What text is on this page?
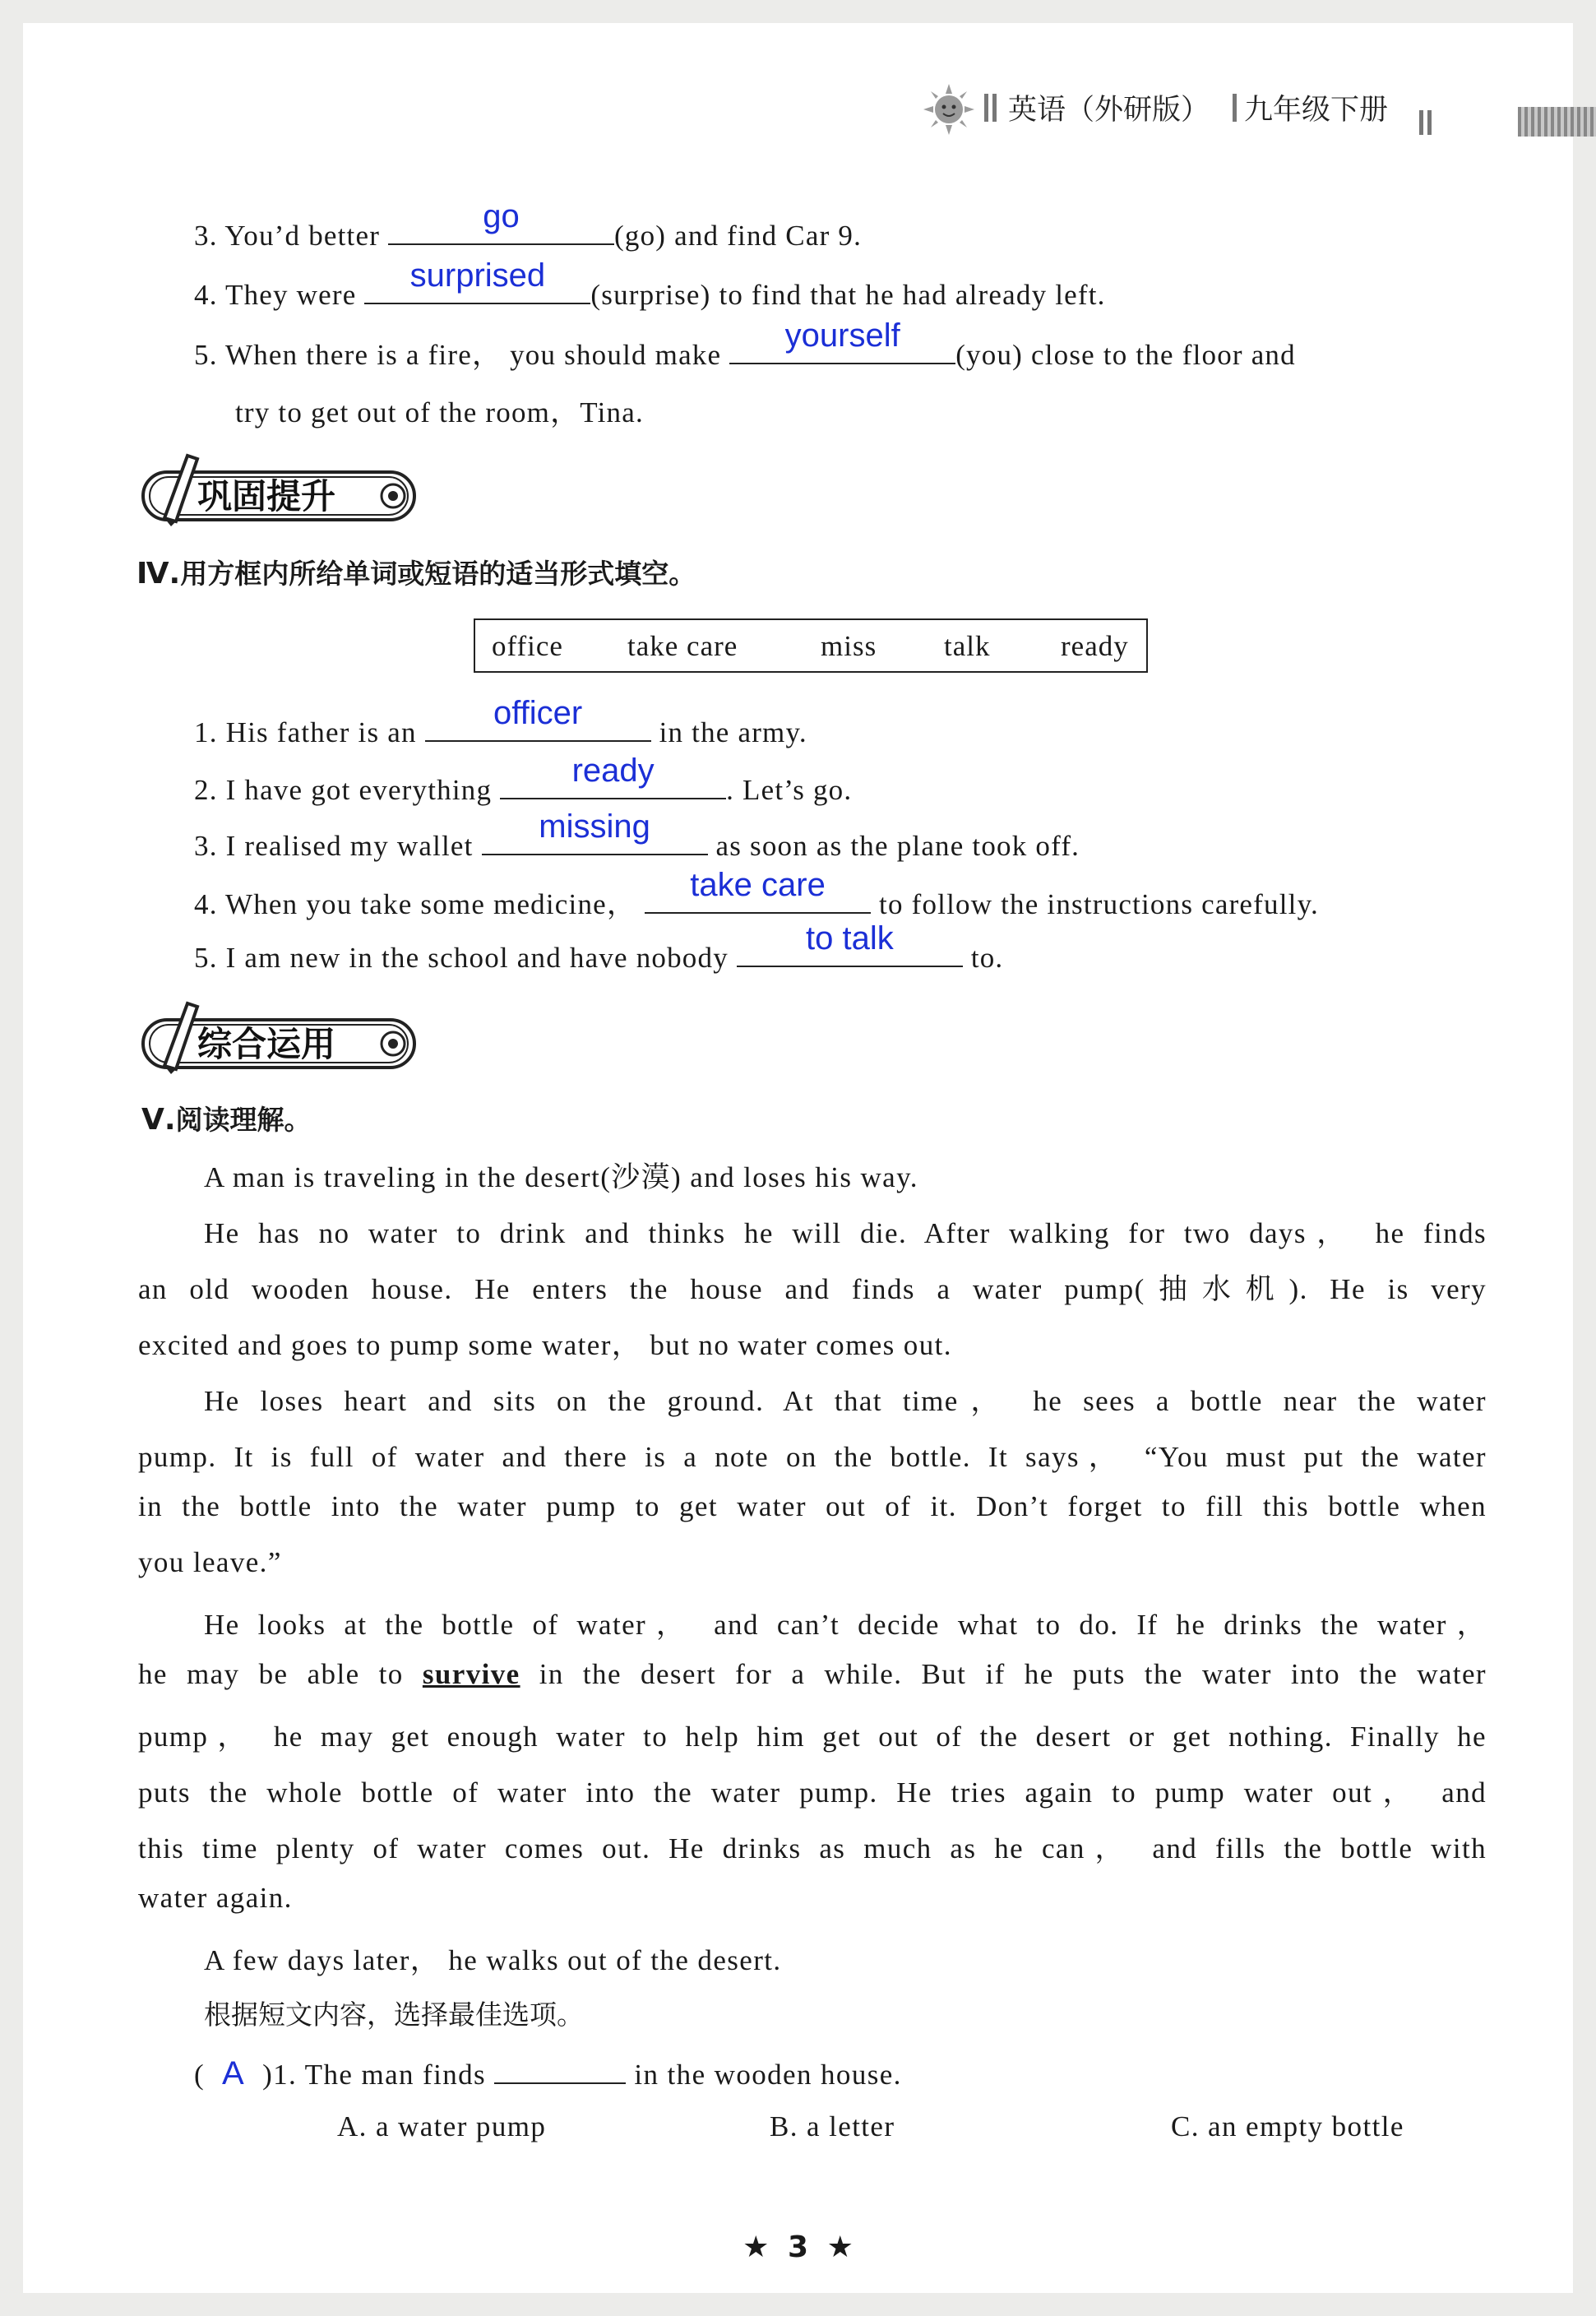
英语（外研版） 九年级下册
3. You’d better
go
(go) and find Car 9.
4. They were
surprised
(surprise) to find that he had already left.
5. When there is a fire， you should make
yourself
(you) close to the floor and
try to get out of the room，Tina.
巩固提升
Ⅳ.用方框内所给单词或短语的适当形式填空。
office take care	miss talk ready
1. His father is an
officer
in the army.
2. I have got everything
ready
. Let’s go.
3. I realised my wallet
missing
as soon as the plane took off.
4. When you take some medicine，
take care
to follow the instructions carefully.
5. I am new in the school and have nobody
to talk
to.
综合运用
Ⅴ.阅读理解。
A man is traveling in the desert(沙漠) and loses his way.
He has no water to drink and thinks he will die. After walking for two days， he finds
an old wooden house. He enters the house and finds a water pump(抽水机). He is very
excited and goes to pump some water， but no water comes out.
He loses heart and sits on the ground. At that time， he sees a bottle near the water
pump. It is full of water and there is a note on the bottle. It says， “You must put the water
in the bottle into the water pump to get water out of it. Don’t forget to fill this bottle when
you leave.”
He looks at the bottle of water， and can’t decide what to do. If he drinks the water，
he may be able to survive in the desert for a while. But if he puts the water into the water
pump， he may get enough water to help him get out of the desert or get nothing. Finally he
puts the whole bottle of water into the water pump. He tries again to pump water out， and
this time plenty of water comes out. He drinks as much as he can， and fills the bottle with
water again.
A few days later， he walks out of the desert.
根据短文内容，选择最佳选项。
( A )1. The man finds	in the wooden house.
A. a water pump	B. a letter	C. an empty bottle
★ 3 ★
